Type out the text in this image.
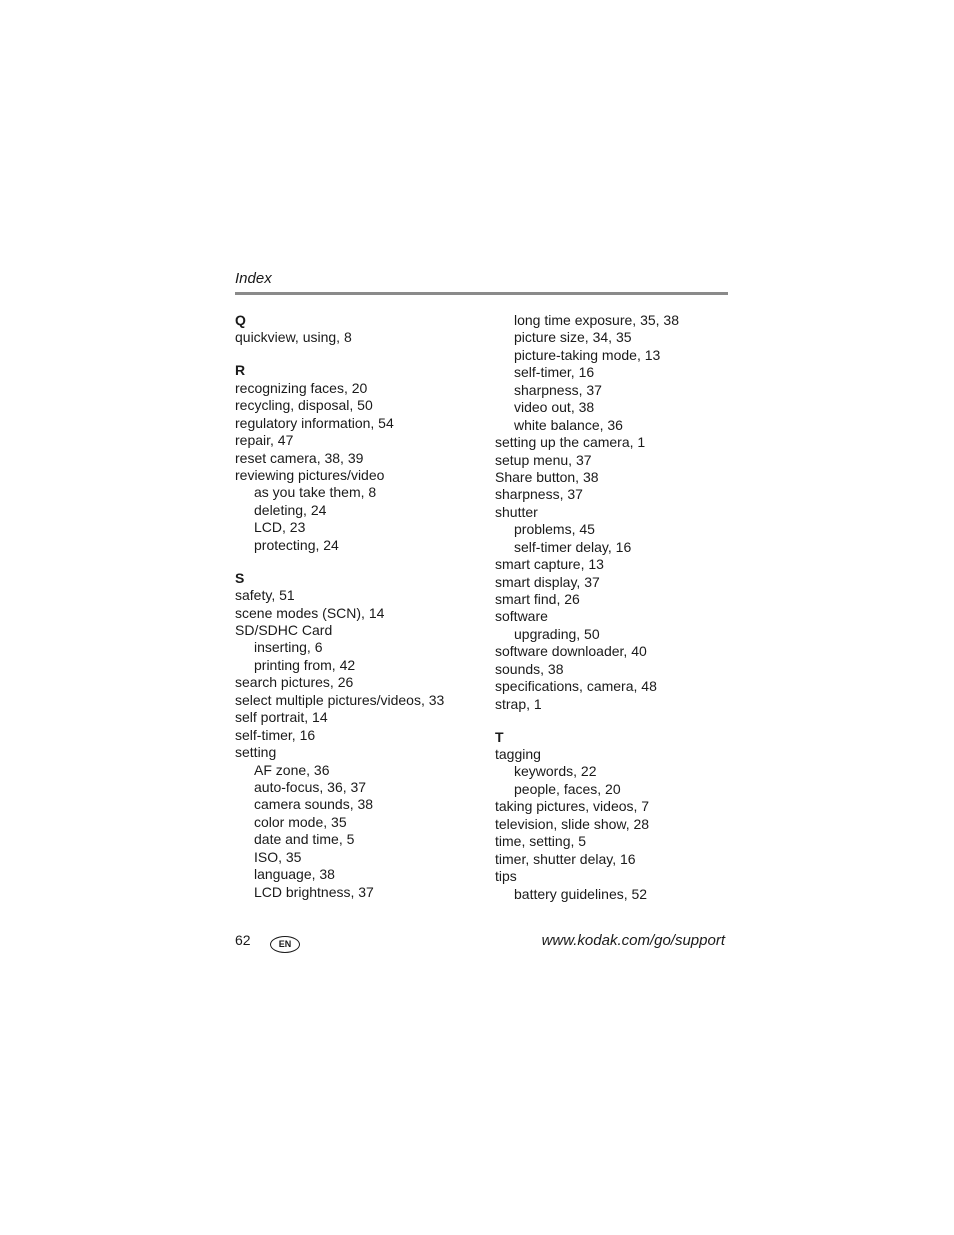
Index
Q
quickview, using, 8
R
recognizing faces, 20
recycling, disposal, 50
regulatory information, 54
repair, 47
reset camera, 38, 39
reviewing pictures/video
as you take them, 8
deleting, 24
LCD, 23
protecting, 24
S
safety, 51
scene modes (SCN), 14
SD/SDHC Card
inserting, 6
printing from, 42
search pictures, 26
select multiple pictures/videos, 33
self portrait, 14
self-timer, 16
setting
AF zone, 36
auto-focus, 36, 37
camera sounds, 38
color mode, 35
date and time, 5
ISO, 35
language, 38
LCD brightness, 37
long time exposure, 35, 38
picture size, 34, 35
picture-taking mode, 13
self-timer, 16
sharpness, 37
video out, 38
white balance, 36
setting up the camera, 1
setup menu, 37
Share button, 38
sharpness, 37
shutter
problems, 45
self-timer delay, 16
smart capture, 13
smart display, 37
smart find, 26
software
upgrading, 50
software downloader, 40
sounds, 38
specifications, camera, 48
strap, 1
T
tagging
keywords, 22
people, faces, 20
taking pictures, videos, 7
television, slide show, 28
time, setting, 5
timer, shutter delay, 16
tips
battery guidelines, 52
62	EN	www.kodak.com/go/support
